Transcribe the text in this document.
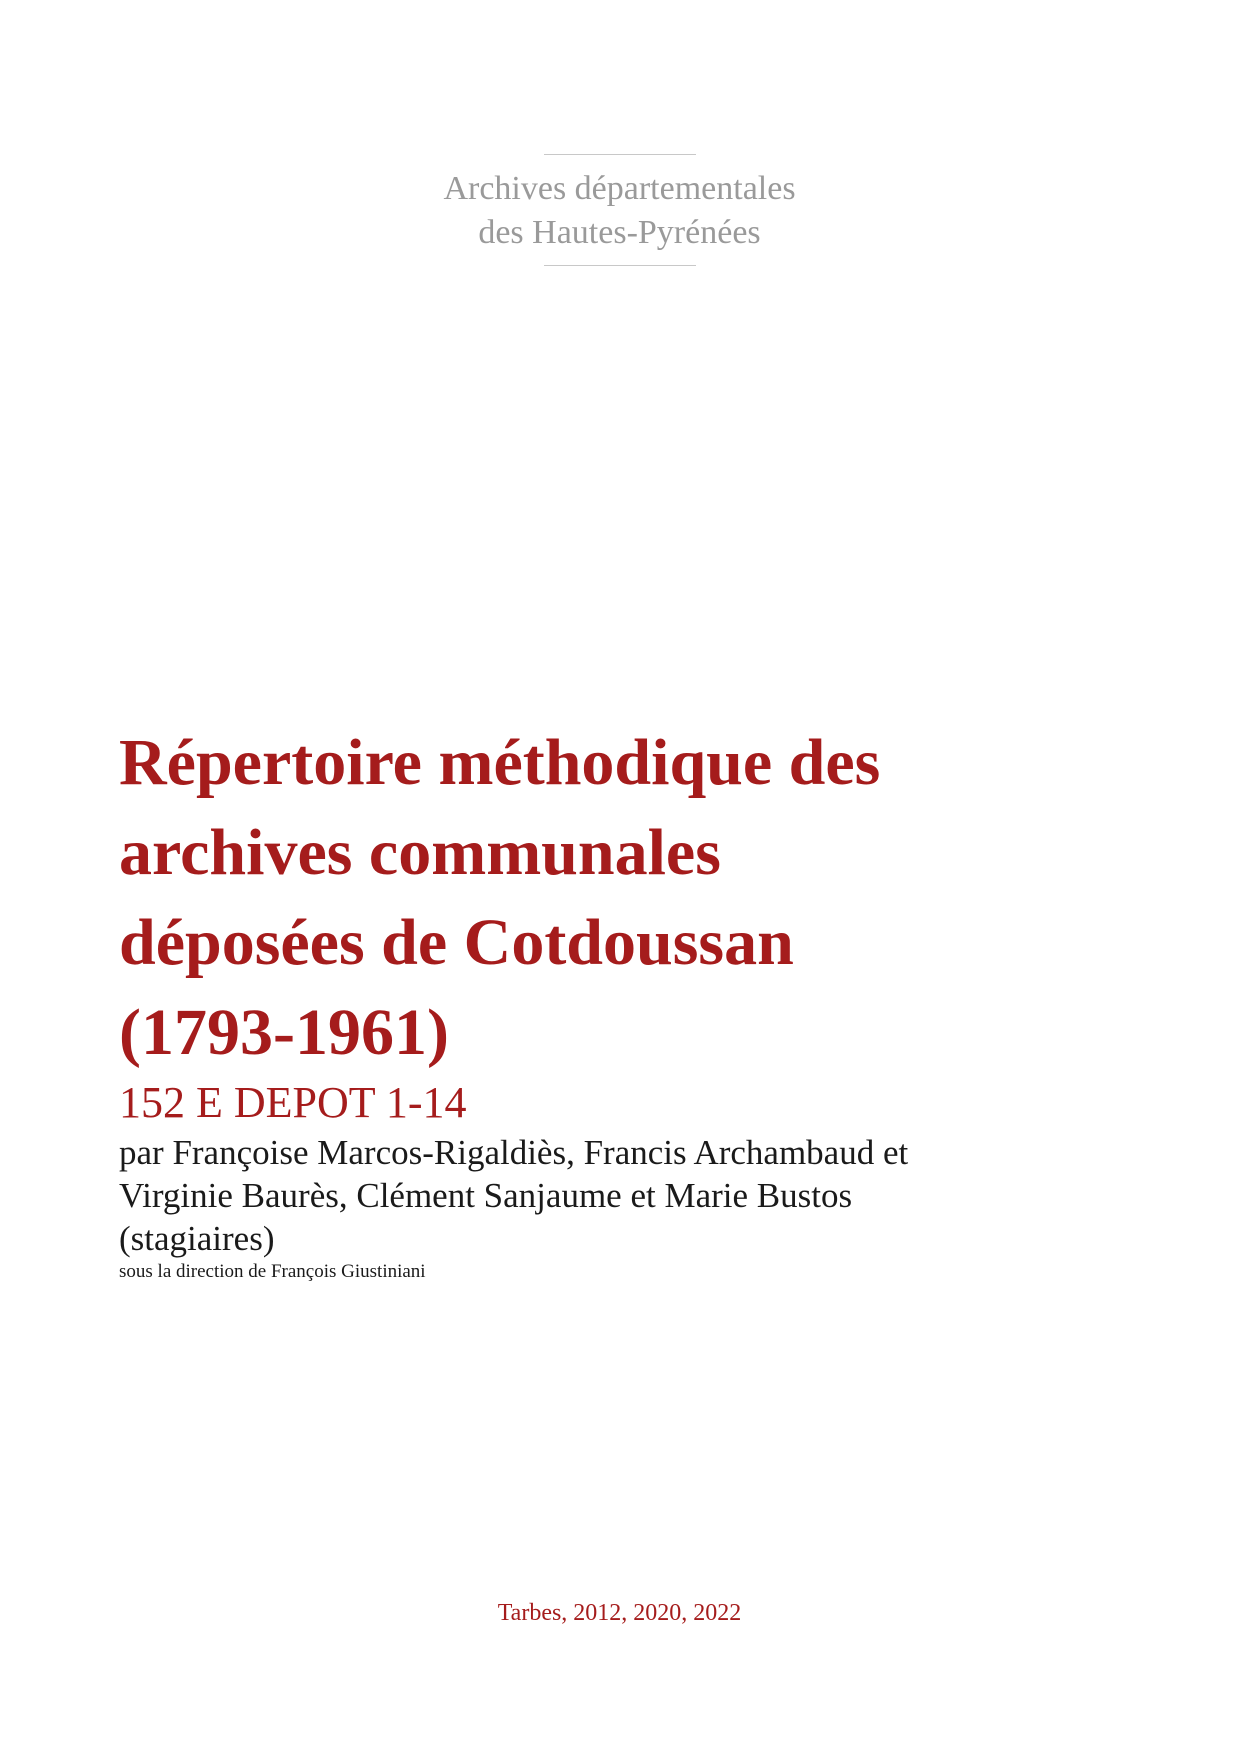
Archives départementales
des Hautes-Pyrénées
Répertoire méthodique des
archives communales
déposées de Cotdoussan
(1793-1961)
152 E DEPOT 1-14
par Françoise Marcos-Rigaldiès, Francis Archambaud et
Virginie Baurès, Clément Sanjaume et Marie Bustos
(stagiaires)
sous la direction de François Giustiniani
Tarbes, 2012, 2020, 2022
